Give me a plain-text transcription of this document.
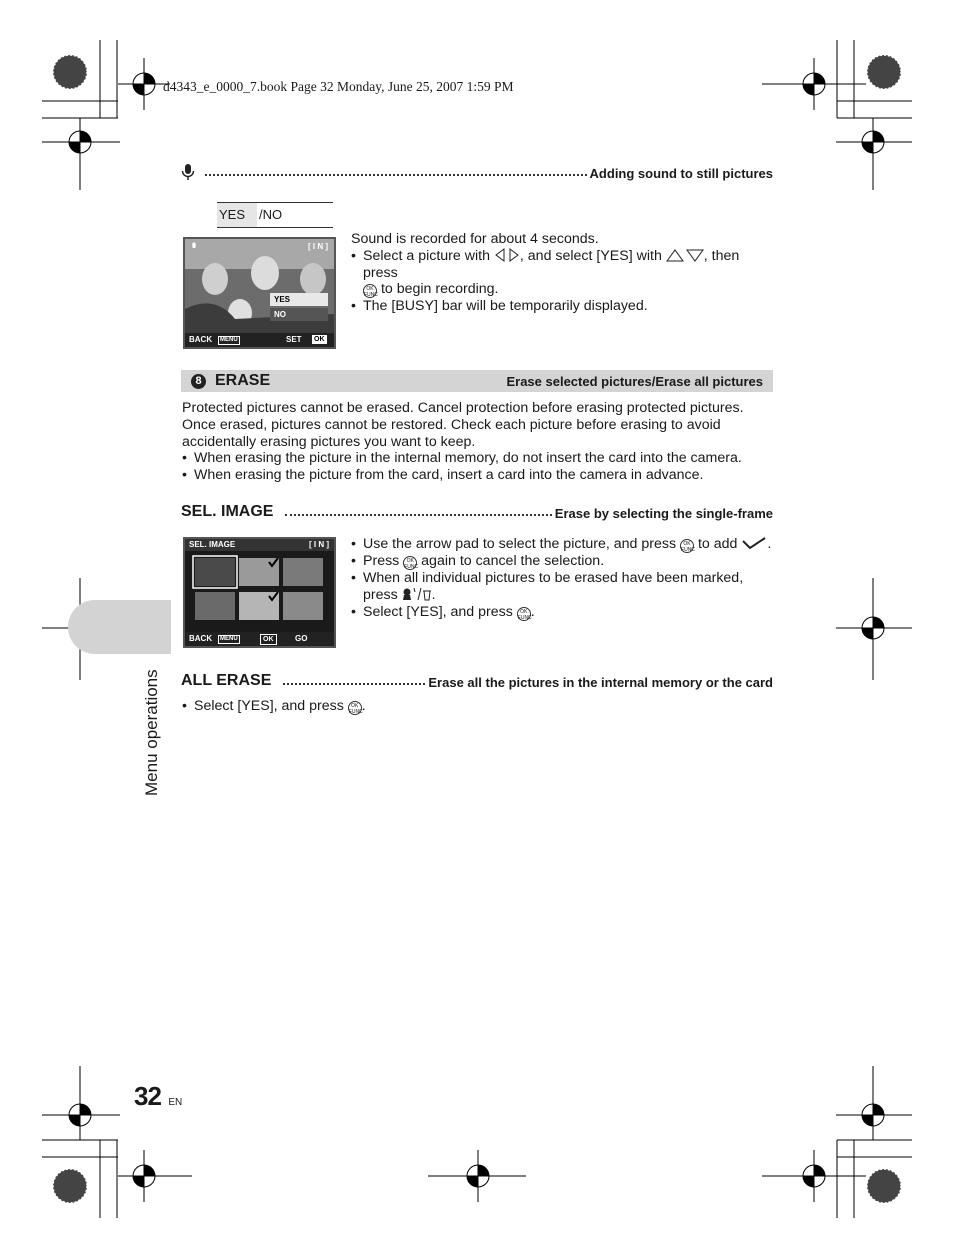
d4343_e_0000_7.book Page 32 Monday, June 25, 2007 1:59 PM
Adding sound to still pictures
YES	/NO
[ I N ]
YES
NO
BACK	MENU	SET OK
Sound is recorded for about 4 seconds.
• Select a picture with , and select [YES] with	, then press
OK FUNC to begin recording.
• The [BUSY] bar will be temporarily displayed.
8 ERASE	Erase selected pictures/Erase all pictures
Protected pictures cannot be erased. Cancel protection before erasing protected pictures.
Once erased, pictures cannot be restored. Check each picture before erasing to avoid accidentally erasing pictures you want to keep.
• When erasing the picture in the internal memory, do not insert the card into the camera.
• When erasing the picture from the card, insert a card into the camera in advance.
SEL. IMAGE	Erase by selecting the single-frame
SEL. IMAGE	[ I N ]
BACK	MENU	OK	GO
• Use the arrow pad to select the picture, and press OK FUNC to add .
• Press OK FUNC again to cancel the selection.
• When all individual pictures to be erased have been marked, press .
• Select [YES], and press OK FUNC.
ALL ERASE	Erase all the pictures in the internal memory or the card
• Select [YES], and press OK FUNC.
Menu operations
32 EN
